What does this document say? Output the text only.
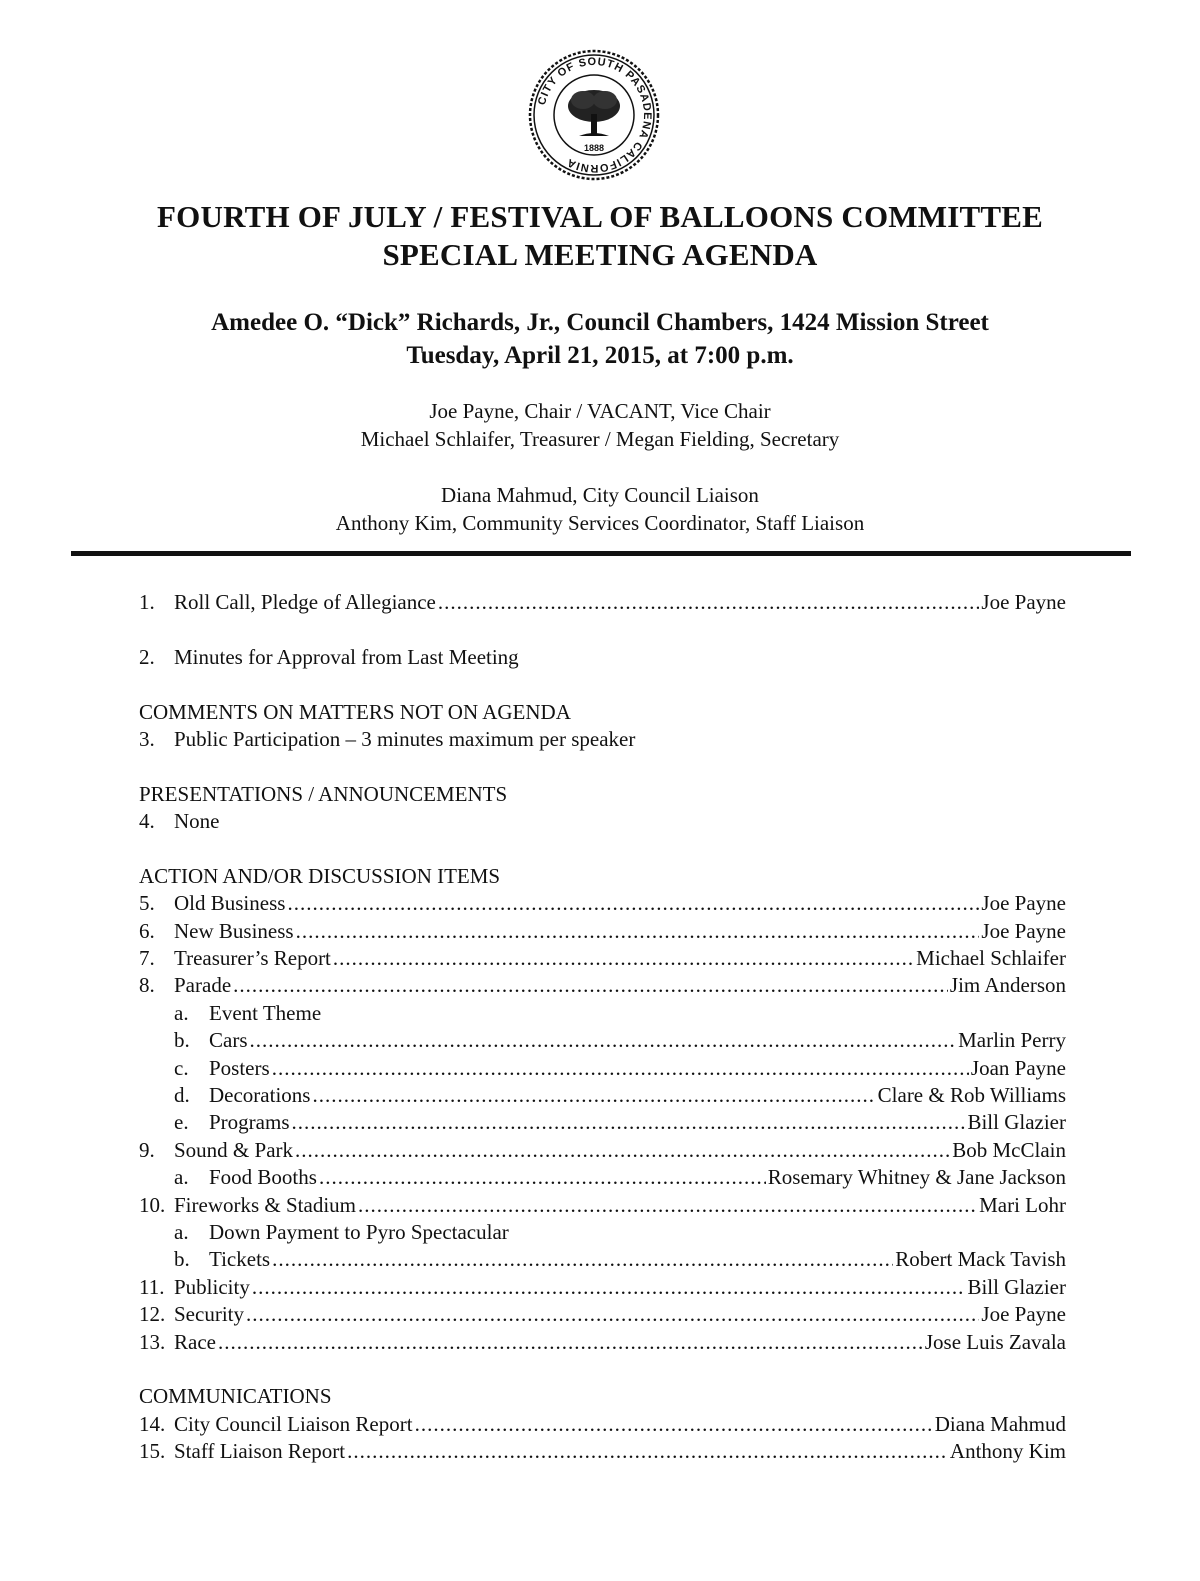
CITY OF SOUTH PASADENA CALIFORNIA
1888
FOURTH OF JULY / FESTIVAL OF BALLOONS COMMITTEE
SPECIAL MEETING AGENDA
Amedee O. “Dick” Richards, Jr., Council Chambers, 1424 Mission Street
Tuesday, April 21, 2015, at 7:00 p.m.
Joe Payne, Chair / VACANT, Vice Chair
Michael Schlaifer, Treasurer / Megan Fielding, Secretary
Diana Mahmud, City Council Liaison
Anthony Kim, Community Services Coordinator, Staff Liaison
1. Roll Call, Pledge of Allegiance .....	Joe Payne
2. Minutes for Approval from Last Meeting
COMMENTS ON MATTERS NOT ON AGENDA
3. Public Participation – 3 minutes maximum per speaker
PRESENTATIONS / ANNOUNCEMENTS
4. None
ACTION AND/OR DISCUSSION ITEMS
5. Old Business .....	Joe Payne
6. New Business .....	Joe Payne
7. Treasurer’s Report .....	Michael Schlaifer
8. Parade .....	Jim Anderson
a. Event Theme
b. Cars .....	Marlin Perry
c. Posters .....	Joan Payne
d. Decorations .....	Clare & Rob Williams
e. Programs .....	Bill Glazier
9. Sound & Park .....	Bob McClain
a. Food Booths .....	Rosemary Whitney & Jane Jackson
10. Fireworks & Stadium .....	Mari Lohr
a. Down Payment to Pyro Spectacular
b. Tickets .....	Robert Mack Tavish
11. Publicity .....	Bill Glazier
12. Security .....	Joe Payne
13. Race .....	Jose Luis Zavala
COMMUNICATIONS
14. City Council Liaison Report .....	Diana Mahmud
15. Staff Liaison Report .....	Anthony Kim
